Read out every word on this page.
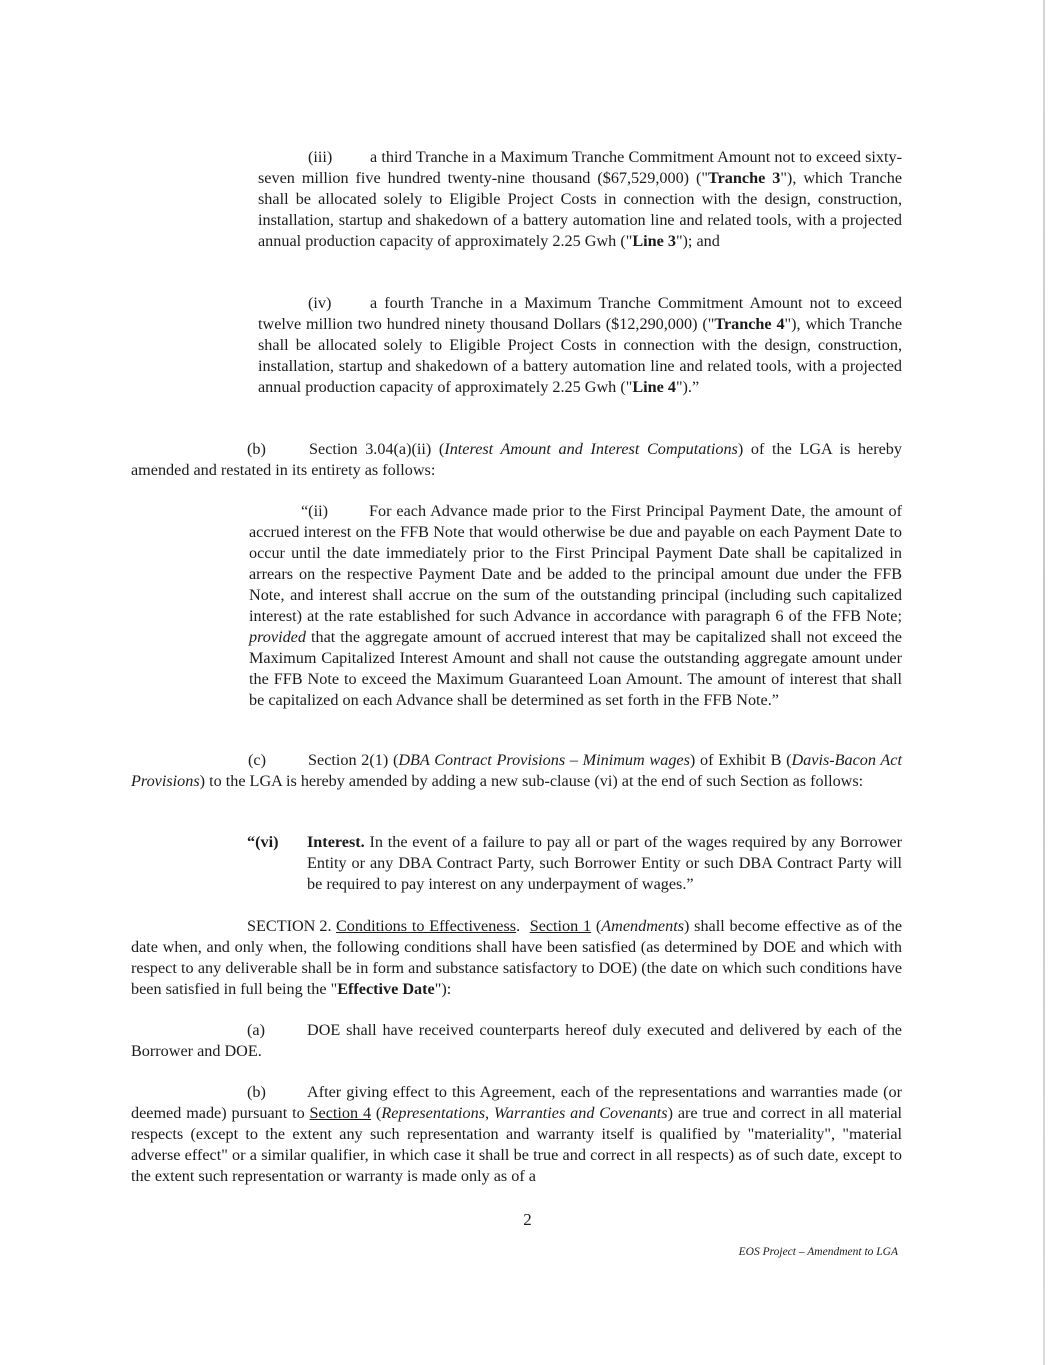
(iii) a third Tranche in a Maximum Tranche Commitment Amount not to exceed sixty-seven million five hundred twenty-nine thousand ($67,529,000) ("Tranche 3"), which Tranche shall be allocated solely to Eligible Project Costs in connection with the design, construction, installation, startup and shakedown of a battery automation line and related tools, with a projected annual production capacity of approximately 2.25 Gwh ("Line 3"); and

(iv) a fourth Tranche in a Maximum Tranche Commitment Amount not to exceed twelve million two hundred ninety thousand Dollars ($12,290,000) ("Tranche 4"), which Tranche shall be allocated solely to Eligible Project Costs in connection with the design, construction, installation, startup and shakedown of a battery automation line and related tools, with a projected annual production capacity of approximately 2.25 Gwh ("Line 4").”

(b)	Section 3.04(a)(ii) (Interest Amount and Interest Computations) of the LGA is hereby amended and restated in its entirety as follows:

“(ii)	For each Advance made prior to the First Principal Payment Date, the amount of accrued interest on the FFB Note that would otherwise be due and payable on each Payment Date to occur until the date immediately prior to the First Principal Payment Date shall be capitalized in arrears on the respective Payment Date and be added to the principal amount due under the FFB Note, and interest shall accrue on the sum of the outstanding principal (including such capitalized interest) at the rate established for such Advance in accordance with paragraph 6 of the FFB Note; provided that the aggregate amount of accrued interest that may be capitalized shall not exceed the Maximum Capitalized Interest Amount and shall not cause the outstanding aggregate amount under the FFB Note to exceed the Maximum Guaranteed Loan Amount. The amount of interest that shall be capitalized on each Advance shall be determined as set forth in the FFB Note.”

(c)	Section 2(1) (DBA Contract Provisions – Minimum wages) of Exhibit B (Davis-Bacon Act Provisions) to the LGA is hereby amended by adding a new sub-clause (vi) at the end of such Section as follows:

“(vi)	Interest. In the event of a failure to pay all or part of the wages required by any Borrower Entity or any DBA Contract Party, such Borrower Entity or such DBA Contract Party will be required to pay interest on any underpayment of wages.”

SECTION 2. Conditions to Effectiveness.  Section 1 (Amendments) shall become effective as of the date when, and only when, the following conditions shall have been satisfied (as determined by DOE and which with respect to any deliverable shall be in form and substance satisfactory to DOE) (the date on which such conditions have been satisfied in full being the "Effective Date"):

(a)	DOE shall have received counterparts hereof duly executed and delivered by each of the Borrower and DOE.

(b)	After giving effect to this Agreement, each of the representations and warranties made (or deemed made) pursuant to Section 4 (Representations, Warranties and Covenants) are true and correct in all material respects (except to the extent any such representation and warranty itself is qualified by "materiality", "material adverse effect" or a similar qualifier, in which case it shall be true and correct in all respects) as of such date, except to the extent such representation or warranty is made only as of a

2
EOS Project – Amendment to LGA
